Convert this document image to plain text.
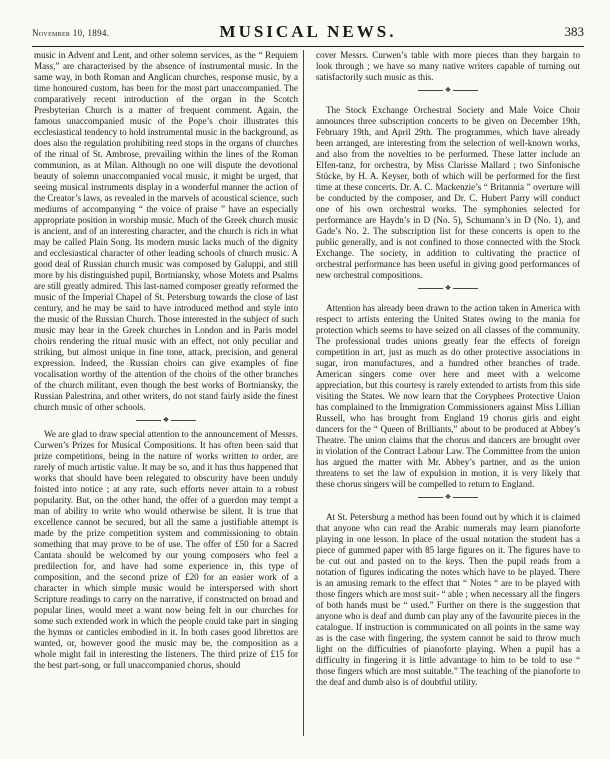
November 10, 1894.	MUSICAL NEWS.	383

music in Advent and Lent, and other solemn services, as the “ Requiem Mass,” are characterised by the absence of instrumental music. In the same way, in both Roman and Anglican churches, response music, by a time honoured custom, has been for the most part unaccompanied. The comparatively recent introduction of the organ in the Scotch Presbyterian Church is a matter of frequent comment. Again, the famous unaccompanied music of the Pope’s choir illustrates this ecclesiastical tendency to hold instrumental music in the background, as does also the regulation prohibiting reed stops in the organs of churches of the ritual of St. Ambrose, prevailing within the lines of the Roman communion, as at Milan. Although no one will dispute the devotional beauty of solemn unaccompanied vocal music, it might be urged, that seeing musical instruments display in a wonderful manner the action of the Creator’s laws, as revealed in the marvels of acoustical science, such mediums of accompanying “ the voice of praise ” have an especially appropriate position in worship music. Much of the Greek church music is ancient, and of an interesting character, and the church is rich in what may be called Plain Song. Its modern music lacks much of the dignity and ecclesiastical character of other leading schools of church music. A good deal of Russian church music was composed by Galuppi, and still more by his distinguished pupil, Bortniansky, whose Motets and Psalms are still greatly admired. This last-named composer greatly reformed the music of the Imperial Chapel of St. Petersburg towards the close of last century, and he may be said to have introduced method and style into the music of the Russian Church. Those interested in the subject of such music may hear in the Greek churches in London and in Paris model choirs rendering the ritual music with an effect, not only peculiar and striking, but almost unique in fine tone, attack, precision, and general expression. Indeed, the Russian choirs can give examples of fine vocalisation worthy of the attention of the choirs of the other branches of the church militant, even though the best works of Bortniansky, the Russian Palestrina, and other writers, do not stand fairly aside the finest church music of other schools.

❖

We are glad to draw special attention to the announcement of Messrs. Curwen’s Prizes for Musical Compositions. It has often been said that prize competitions, being in the nature of works written to order, are rarely of much artistic value. It may be so, and it has thus happened that works that should have been relegated to obscurity have been unduly foisted into notice ; at any rate, such efforts never attain to a robust popularity. But, on the other hand, the offer of a guerdon may tempt a man of ability to write who would otherwise be silent. It is true that excellence cannot be secured, but all the same a justifiable attempt is made by the prize competition system and commissioning to obtain something that may prove to be of use. The offer of £50 for a Sacred Cantata should be welcomed by our young composers who feel a predilection for, and have had some experience in, this type of composition, and the second prize of £20 for an easier work of a character in which simple music would be interspersed with short Scripture readings to carry on the narrative, if constructed on broad and popular lines, would meet a want now being felt in our churches for some such extended work in which the people could take part in singing the hymns or canticles embodied in it. In both cases good librettos are wanted, or, however good the music may be, the composition as a whole might fail in interesting the listeners. The third prize of £15 for the best part-song, or full unaccompanied chorus, should

cover Messrs. Curwen’s table with more pieces than they bargain to look through ; we have so many native writers capable of turning out satisfactorily such music as this.

❖

The Stock Exchange Orchestral Society and Male Voice Choir announces three subscription concerts to be given on December 19th, February 19th, and April 29th. The programmes, which have already been arranged, are interesting from the selection of well-known works, and also from the novelties to be performed. These latter include an Elfen-tanz, for orchestra, by Miss Clarisse Mallard ; two Sinfonische Stücke, by H. A. Keyser, both of which will be performed for the first time at these concerts. Dr. A. C. Mackenzie’s “ Britannia ” overture will be conducted by the composer, and Dr. C. Hubert Parry will conduct one of his own orchestral works. The symphonies selected for performance are Haydn’s in D (No. 5), Schumann’s in D (No. 1), and Gade’s No. 2. The subscription list for these concerts is open to the public generally, and is not confined to those connected with the Stock Exchange. The society, in addition to cultivating the practice of orchestral performance has been useful in giving good performances of new orchestral compositions.

❖

Attention has already been drawn to the action taken in America with respect to artists entering the United States owing to the mania for protection which seems to have seized on all classes of the community. The professional trades unions greatly fear the effects of foreign competition in art, just as much as do other protective associations in sugar, iron manufactures, and a hundred other branches of trade. American singers come over here and meet with a welcome appreciation, but this courtesy is rarely extended to artists from this side visiting the States. We now learn that the Coryphees Protective Union has complained to the Immigration Commissioners against Miss Lillian Russell, who has brought from England 19 chorus girls and eight dancers for the “ Queen of Brilliants,” about to be produced at Abbey’s Theatre. The union claims that the chorus and dancers are brought over in violation of the Contract Labour Law. The Committee from the union has argued the matter with Mr. Abbey’s partner, and as the union threatens to set the law of expulsion in motion, it is very likely that these chorus singers will be compelled to return to England.

❖

At St. Petersburg a method has been found out by which it is claimed that anyone who can read the Arabic numerals may learn pianoforte playing in one lesson. In place of the usual notation the student has a piece of gummed paper with 85 large figures on it. The figures have to be cut out and pasted on to the keys. Then the pupil reads from a notation of figures indicating the notes which have to be played. There is an amusing remark to the effect that “ Notes “ are to be played with those fingers which are most suit- “ able ; when necessary all the fingers of both hands must be “ used.” Further on there is the suggestion that anyone who is deaf and dumb can play any of the favourite pieces in the catalogue. If instruction is communicated on all points in the same way as is the case with fingering, the system cannot be said to throw much light on the difficulties of pianoforte playing. When a pupil has a difficulty in fingering it is little advantage to him to be told to use “ those fingers which are most suitable.” The teaching of the pianoforte to the deaf and dumb also is of doubtful utility.
